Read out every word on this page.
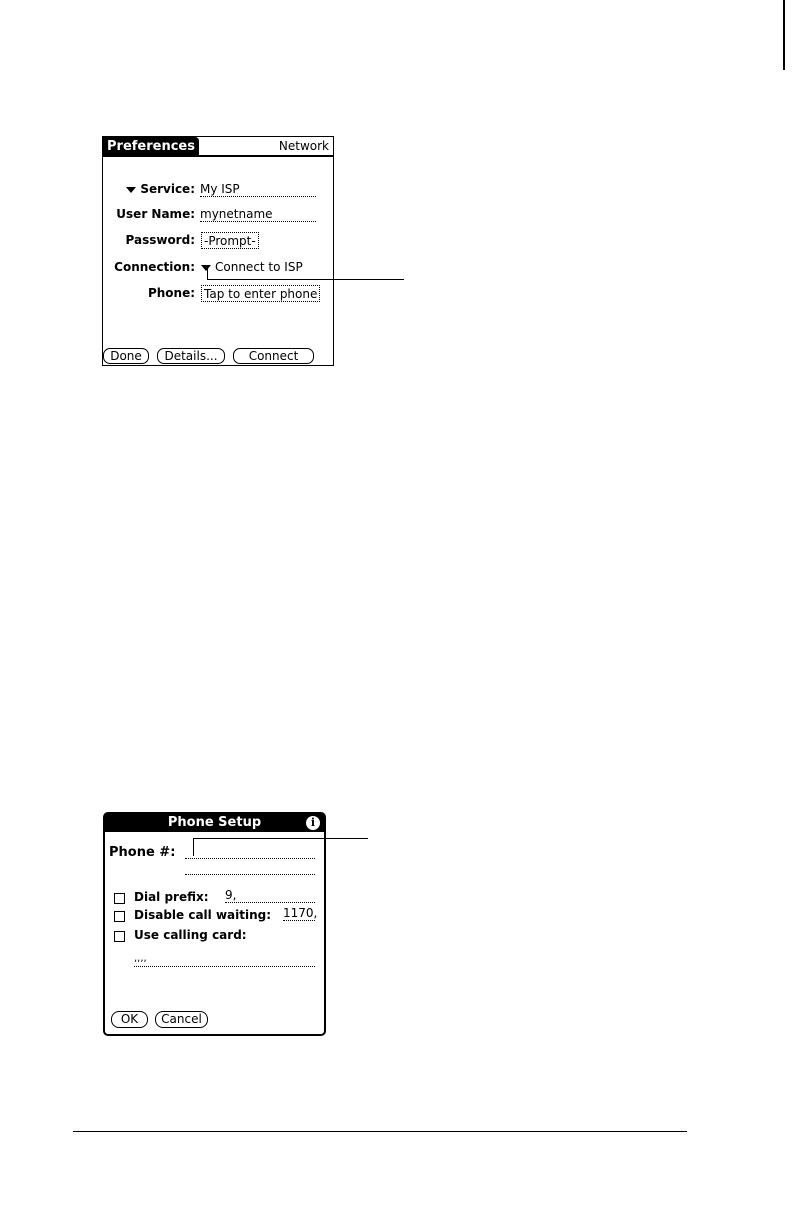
Preferences	Network
Service: My ISP
User Name: mynetname
Password: -Prompt-
Connection:	Connect to ISP
Phone: Tap to enter phone
Done	Details...	Connect
Phone Setup	i
Phone #:
Dial prefix: 9,
Disable call waiting: 1170,
Use calling card:
,,,,
OK	Cancel
